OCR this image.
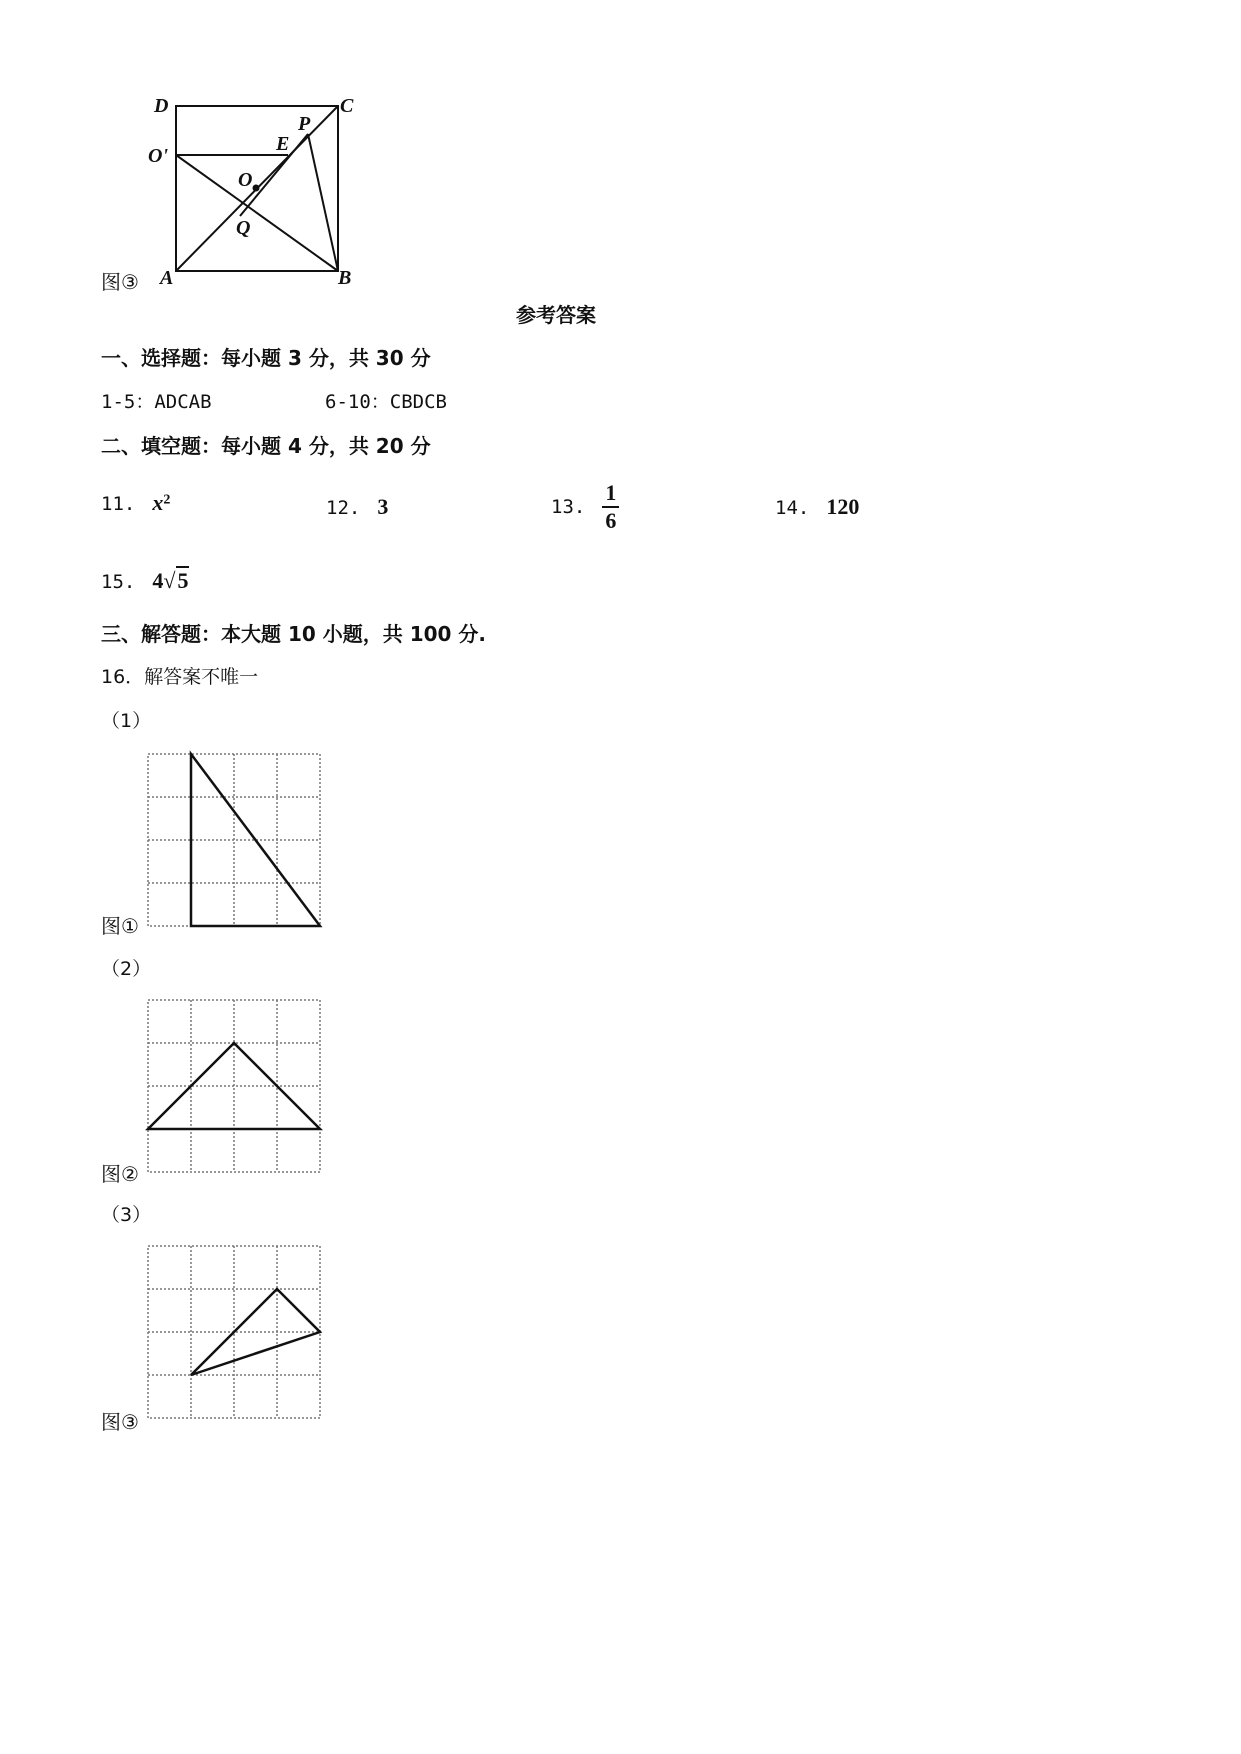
D	C
O'
E
P
O
Q
A	B
图③
参考答案
一、选择题：每小题 3 分，共 30 分
1-5：ADCAB	6-10：CBDCB
二、填空题：每小题 4 分，共 20 分
11. $x^2$	12. 3	13. $\frac{1}{6}$	14. 120
15. 4√5
三、解答题：本大题 10 小题，共 100 分.
16．解答案不唯一
（1）
图①
（2）
图②
（3）
图③
